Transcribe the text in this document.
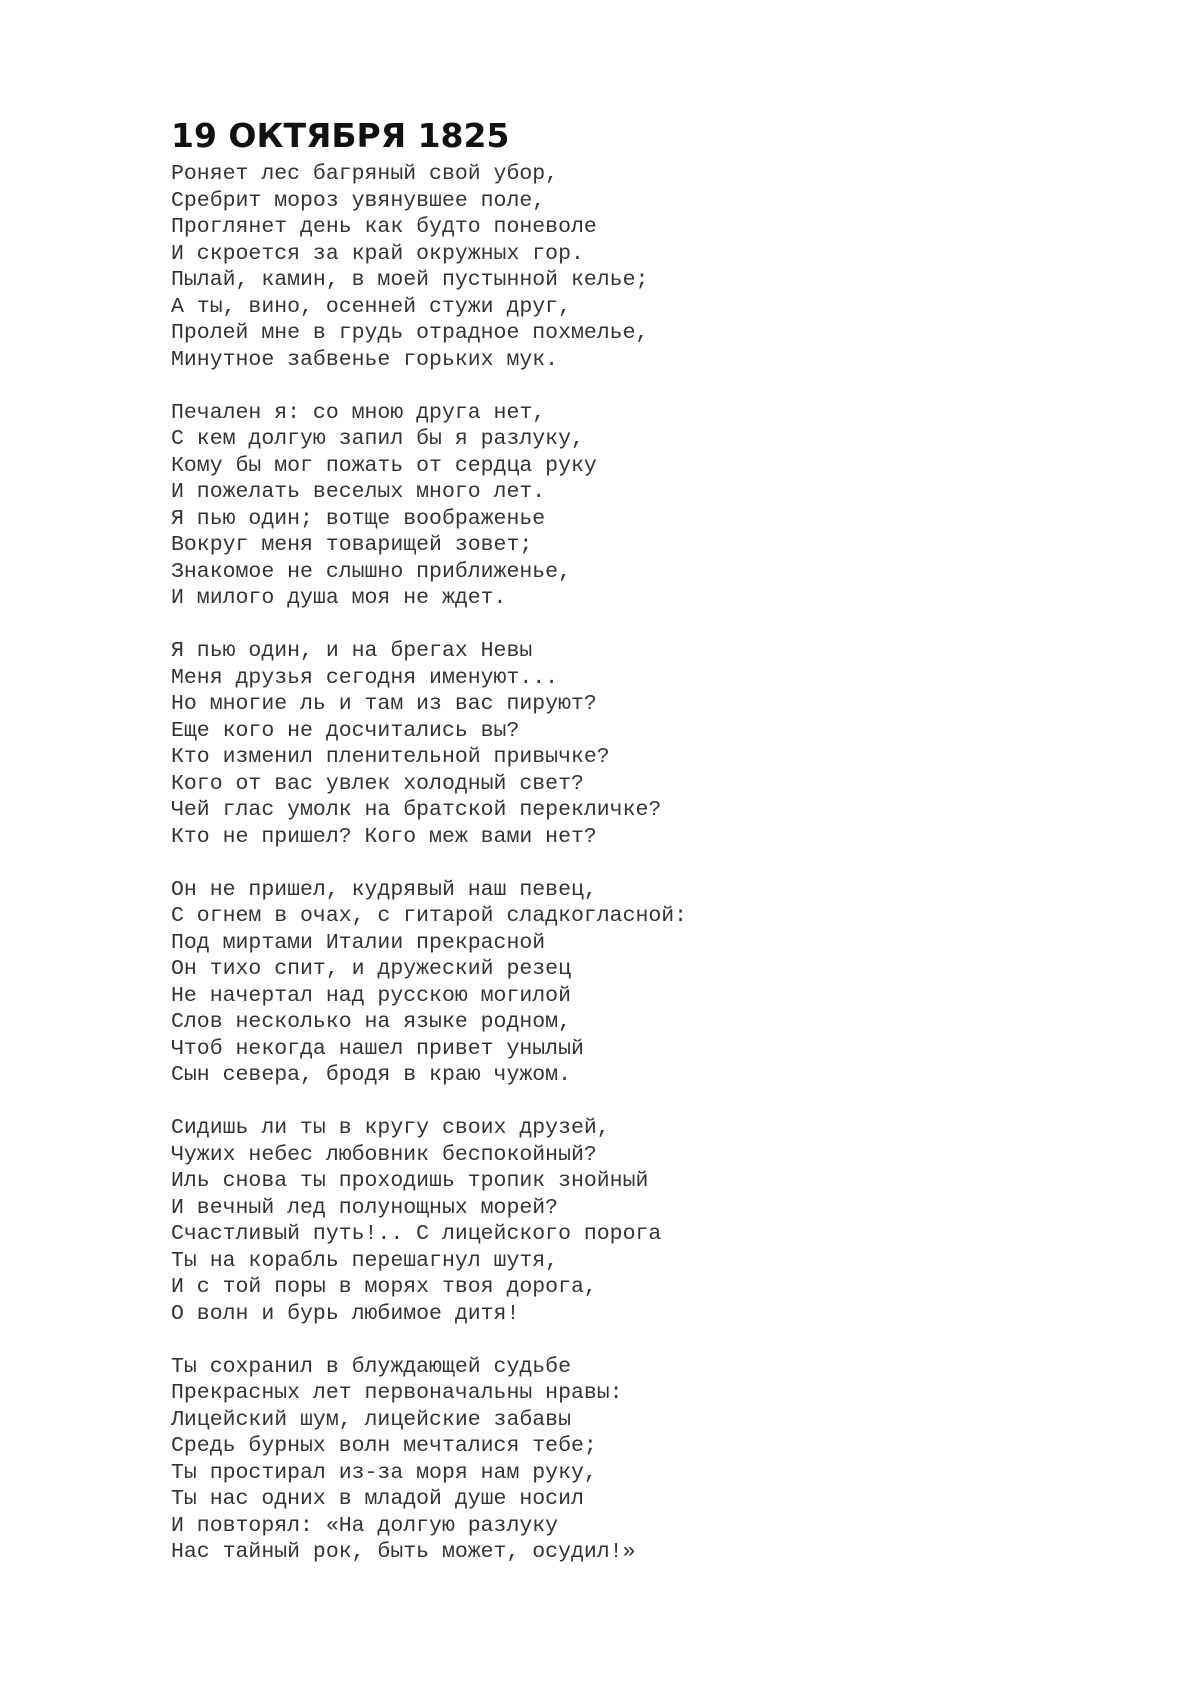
19 ОКТЯБРЯ 1825
Роняет лес багряный свой убор,
Сребрит мороз увянувшее поле,
Проглянет день как будто поневоле
И скроется за край окружных гор.
Пылай, камин, в моей пустынной келье;
А ты, вино, осенней стужи друг,
Пролей мне в грудь отрадное похмелье,
Минутное забвенье горьких мук.
Печален я: со мною друга нет,
С кем долгую запил бы я разлуку,
Кому бы мог пожать от сердца руку
И пожелать веселых много лет.
Я пью один; вотще воображенье
Вокруг меня товарищей зовет;
Знакомое не слышно приближенье,
И милого душа моя не ждет.
Я пью один, и на брегах Невы
Меня друзья сегодня именуют...
Но многие ль и там из вас пируют?
Еще кого не досчитались вы?
Кто изменил пленительной привычке?
Кого от вас увлек холодный свет?
Чей глас умолк на братской перекличке?
Кто не пришел? Кого меж вами нет?
Он не пришел, кудрявый наш певец,
С огнем в очах, с гитарой сладкогласной:
Под миртами Италии прекрасной
Он тихо спит, и дружеский резец
Не начертал над русскою могилой
Слов несколько на языке родном,
Чтоб некогда нашел привет унылый
Сын севера, бродя в краю чужом.
Сидишь ли ты в кругу своих друзей,
Чужих небес любовник беспокойный?
Иль снова ты проходишь тропик знойный
И вечный лед полунощных морей?
Счастливый путь!.. С лицейского порога
Ты на корабль перешагнул шутя,
И с той поры в морях твоя дорога,
О волн и бурь любимое дитя!
Ты сохранил в блуждающей судьбе
Прекрасных лет первоначальны нравы:
Лицейский шум, лицейские забавы
Средь бурных волн мечталися тебе;
Ты простирал из-за моря нам руку,
Ты нас одних в младой душе носил
И повторял: «На долгую разлуку
Нас тайный рок, быть может, осудил!»
